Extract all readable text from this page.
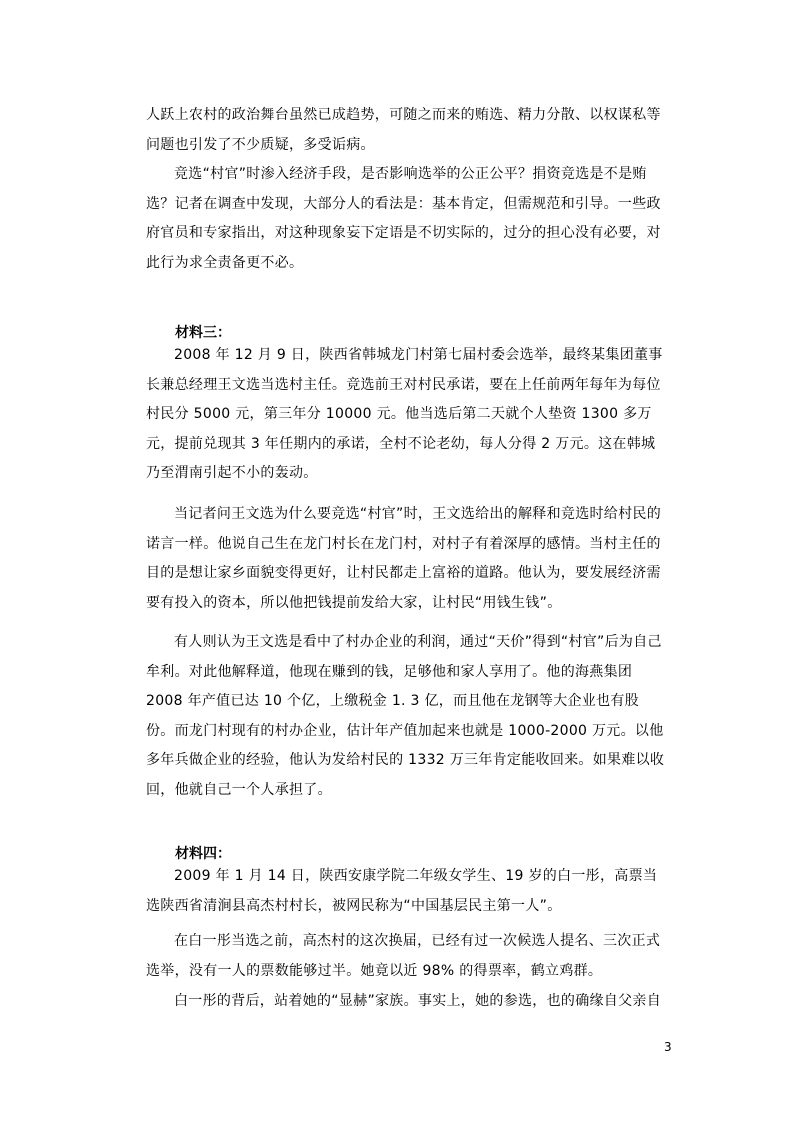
人跃上农村的政治舞台虽然已成趋势，可随之而来的贿选、精力分散、以权谋私等问题也引发了不少质疑，多受诟病。

竞选“村官”时渗入经济手段，是否影响选举的公正公平？捐资竞选是不是贿选？记者在调查中发现，大部分人的看法是：基本肯定，但需规范和引导。一些政府官员和专家指出，对这种现象妄下定语是不切实际的，过分的担心没有必要，对此行为求全责备更不必。

材料三：

2008 年 12 月 9 日，陕西省韩城龙门村第七届村委会选举，最终某集团董事长兼总经理王文选当选村主任。竞选前王对村民承诺，要在上任前两年每年为每位村民分 5000 元，第三年分 10000 元。他当选后第二天就个人垫资 1300 多万元，提前兑现其 3 年任期内的承诺，全村不论老幼，每人分得 2 万元。这在韩城乃至渭南引起不小的轰动。

当记者问王文选为什么要竞选“村官”时，王文选给出的解释和竞选时给村民的诺言一样。他说自己生在龙门村长在龙门村，对村子有着深厚的感情。当村主任的目的是想让家乡面貌变得更好，让村民都走上富裕的道路。他认为，要发展经济需要有投入的资本，所以他把钱提前发给大家，让村民“用钱生钱”。

有人则认为王文选是看中了村办企业的利润，通过“天价”得到“村官”后为自己牟利。对此他解释道，他现在赚到的钱，足够他和家人享用了。他的海燕集团 2008 年产值已达 10 个亿，上缴税金 1. 3 亿，而且他在龙钢等大企业也有股份。而龙门村现有的村办企业，估计年产值加起来也就是 1000-2000 万元。以他多年兵做企业的经验，他认为发给村民的 1332 万三年肯定能收回来。如果难以收回，他就自己一个人承担了。

材料四：

2009 年 1 月 14 日，陕西安康学院二年级女学生、19 岁的白一彤，高票当选陕西省清涧县高杰村村长，被网民称为“中国基层民主第一人”。

在白一彤当选之前，高杰村的这次换届，已经有过一次候选人提名、三次正式选举，没有一人的票数能够过半。她竟以近 98% 的得票率，鹤立鸡群。

白一彤的背后，站着她的“显赫”家族。事实上，她的参选，也的确缘自父亲自

3
